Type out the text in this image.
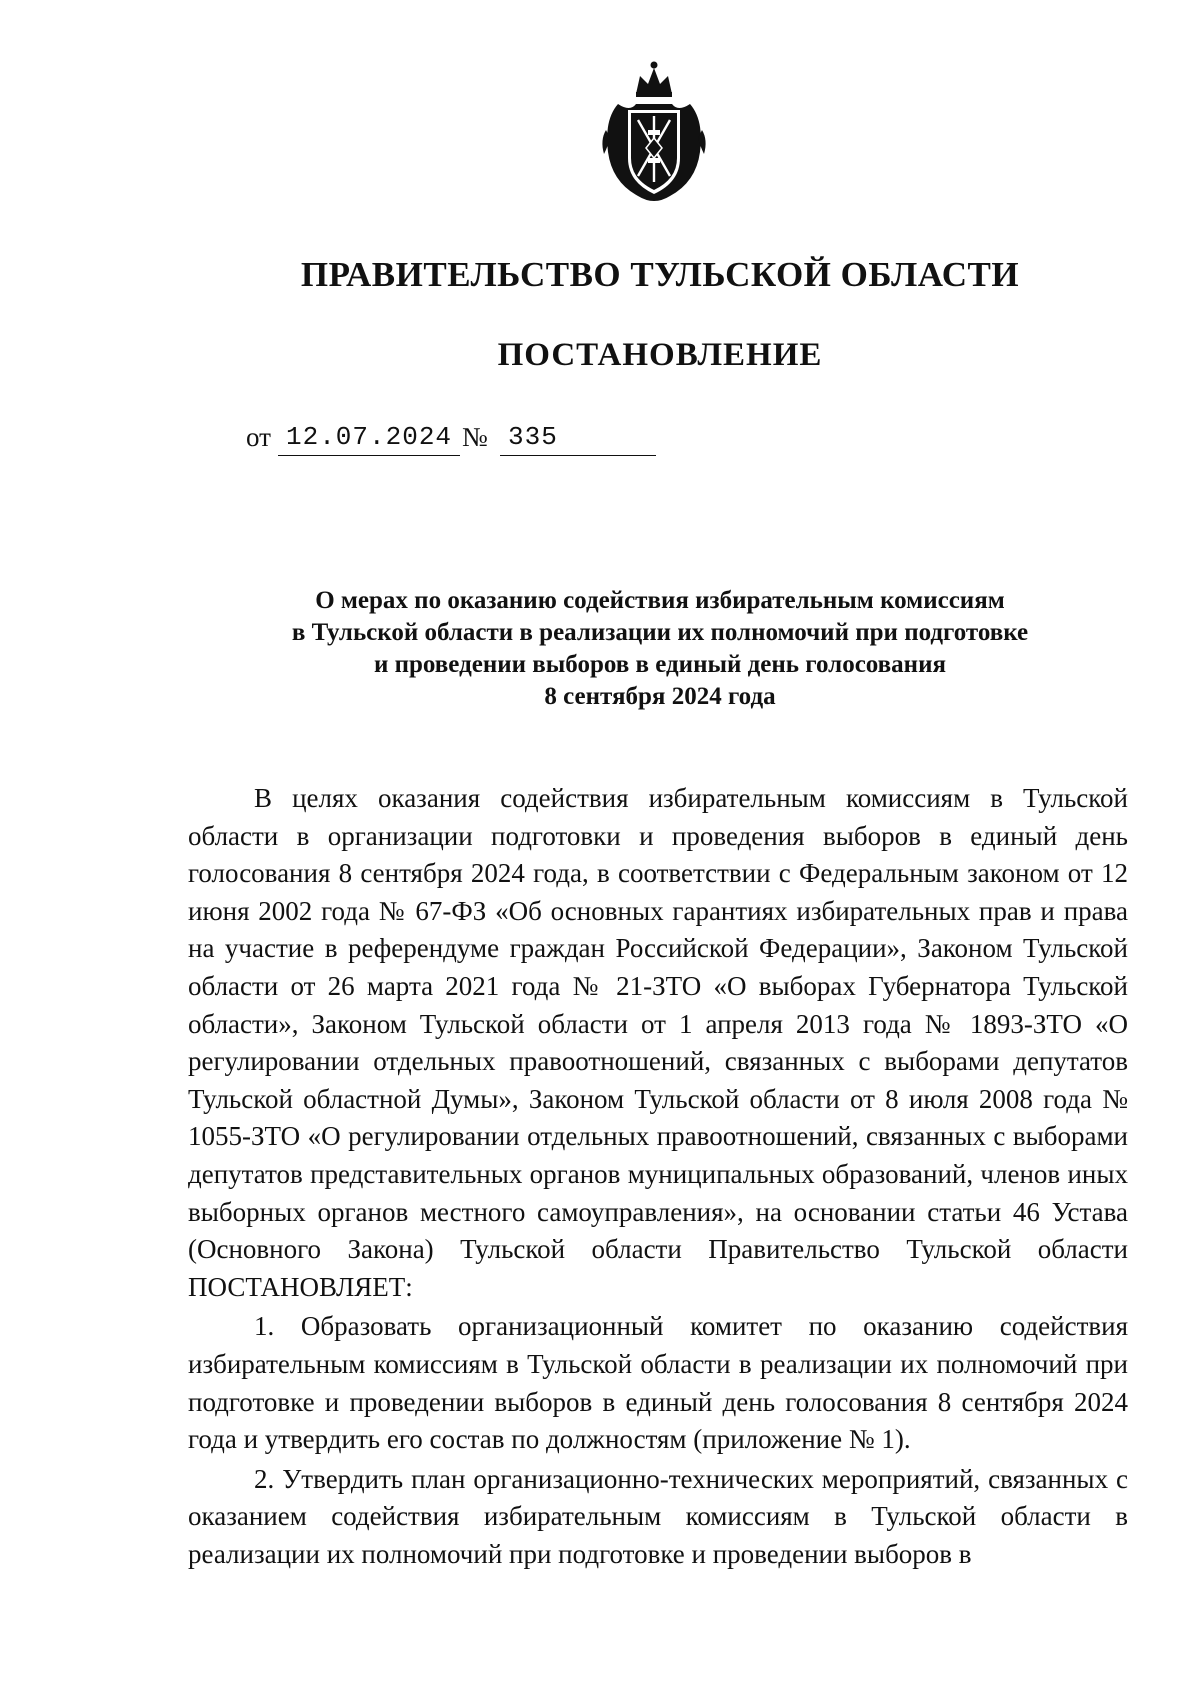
ПРАВИТЕЛЬСТВО ТУЛЬСКОЙ ОБЛАСТИ
ПОСТАНОВЛЕНИЕ
от 12.07.2024 № 335
О мерах по оказанию содействия избирательным комиссиям
в Тульской области в реализации их полномочий при подготовке
и проведении выборов в единый день голосования
8 сентября 2024 года

В целях оказания содействия избирательным комиссиям в Тульской области в организации подготовки и проведения выборов в единый день голосования 8 сентября 2024 года, в соответствии с Федеральным законом от 12 июня 2002 года № 67-ФЗ «Об основных гарантиях избирательных прав и права на участие в референдуме граждан Российской Федерации», Законом Тульской области от 26 марта 2021 года № 21-ЗТО «О выборах Губернатора Тульской области», Законом Тульской области от 1 апреля 2013 года № 1893-ЗТО «О регулировании отдельных правоотношений, связанных с выборами депутатов Тульской областной Думы», Законом Тульской области от 8 июля 2008 года № 1055-ЗТО «О регулировании отдельных правоотношений, связанных с выборами депутатов представительных органов муниципальных образований, членов иных выборных органов местного самоуправления», на основании статьи 46 Устава (Основного Закона) Тульской области Правительство Тульской области ПОСТАНОВЛЯЕТ:

1. Образовать организационный комитет по оказанию содействия избирательным комиссиям в Тульской области в реализации их полномочий при подготовке и проведении выборов в единый день голосования 8 сентября 2024 года и утвердить его состав по должностям (приложение № 1).

2. Утвердить план организационно-технических мероприятий, связанных с оказанием содействия избирательным комиссиям в Тульской области в реализации их полномочий при подготовке и проведении выборов в
